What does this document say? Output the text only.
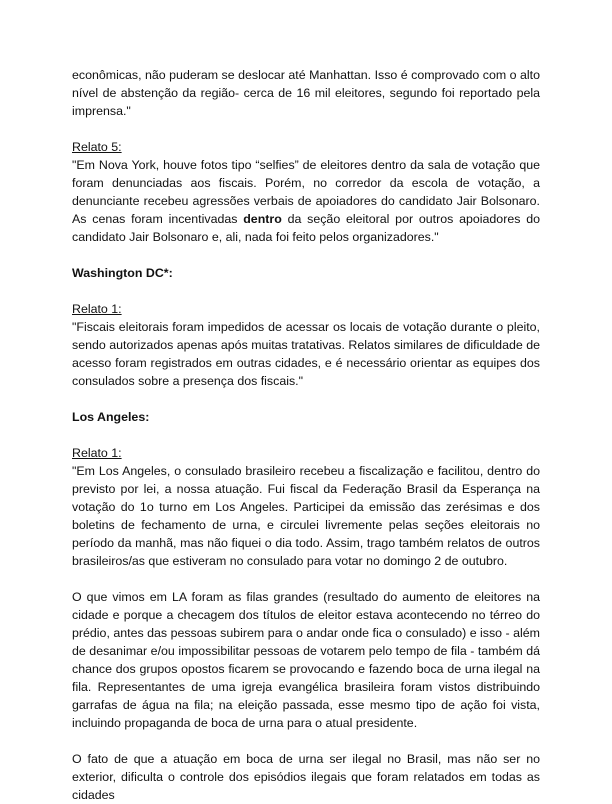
econômicas, não puderam se deslocar até Manhattan. Isso é comprovado com o alto nível de abstenção da região- cerca de 16 mil eleitores, segundo foi reportado pela imprensa."

Relato 5:

"Em Nova York, houve fotos tipo “selfies” de eleitores dentro da sala de votação que foram denunciadas aos fiscais. Porém, no corredor da escola de votação, a denunciante recebeu agressões verbais de apoiadores do candidato Jair Bolsonaro. As cenas foram incentivadas dentro da seção eleitoral por outros apoiadores do candidato Jair Bolsonaro e, ali, nada foi feito pelos organizadores."

Washington DC*:

Relato 1:

"Fiscais eleitorais foram impedidos de acessar os locais de votação durante o pleito, sendo autorizados apenas após muitas tratativas. Relatos similares de dificuldade de acesso foram registrados em outras cidades, e é necessário orientar as equipes dos consulados sobre a presença dos fiscais."

Los Angeles:

Relato 1:

"Em Los Angeles, o consulado brasileiro recebeu a fiscalização e facilitou, dentro do previsto por lei, a nossa atuação. Fui fiscal da Federação Brasil da Esperança na votação do 1o turno em Los Angeles. Participei da emissão das zerésimas e dos boletins de fechamento de urna, e circulei livremente pelas seções eleitorais no período da manhã, mas não fiquei o dia todo. Assim, trago também relatos de outros brasileiros/as que estiveram no consulado para votar no domingo 2 de outubro.

O que vimos em LA foram as filas grandes (resultado do aumento de eleitores na cidade e porque a checagem dos títulos de eleitor estava acontecendo no térreo do prédio, antes das pessoas subirem para o andar onde fica o consulado) e isso - além de desanimar e/ou impossibilitar pessoas de votarem pelo tempo de fila - também dá chance dos grupos opostos ficarem se provocando e fazendo boca de urna ilegal na fila. Representantes de uma igreja evangélica brasileira foram vistos distribuindo garrafas de água na fila; na eleição passada, esse mesmo tipo de ação foi vista, incluindo propaganda de boca de urna para o atual presidente.

O fato de que a atuação em boca de urna ser ilegal no Brasil, mas não ser no exterior, dificulta o controle dos episódios ilegais que foram relatados em todas as cidades
